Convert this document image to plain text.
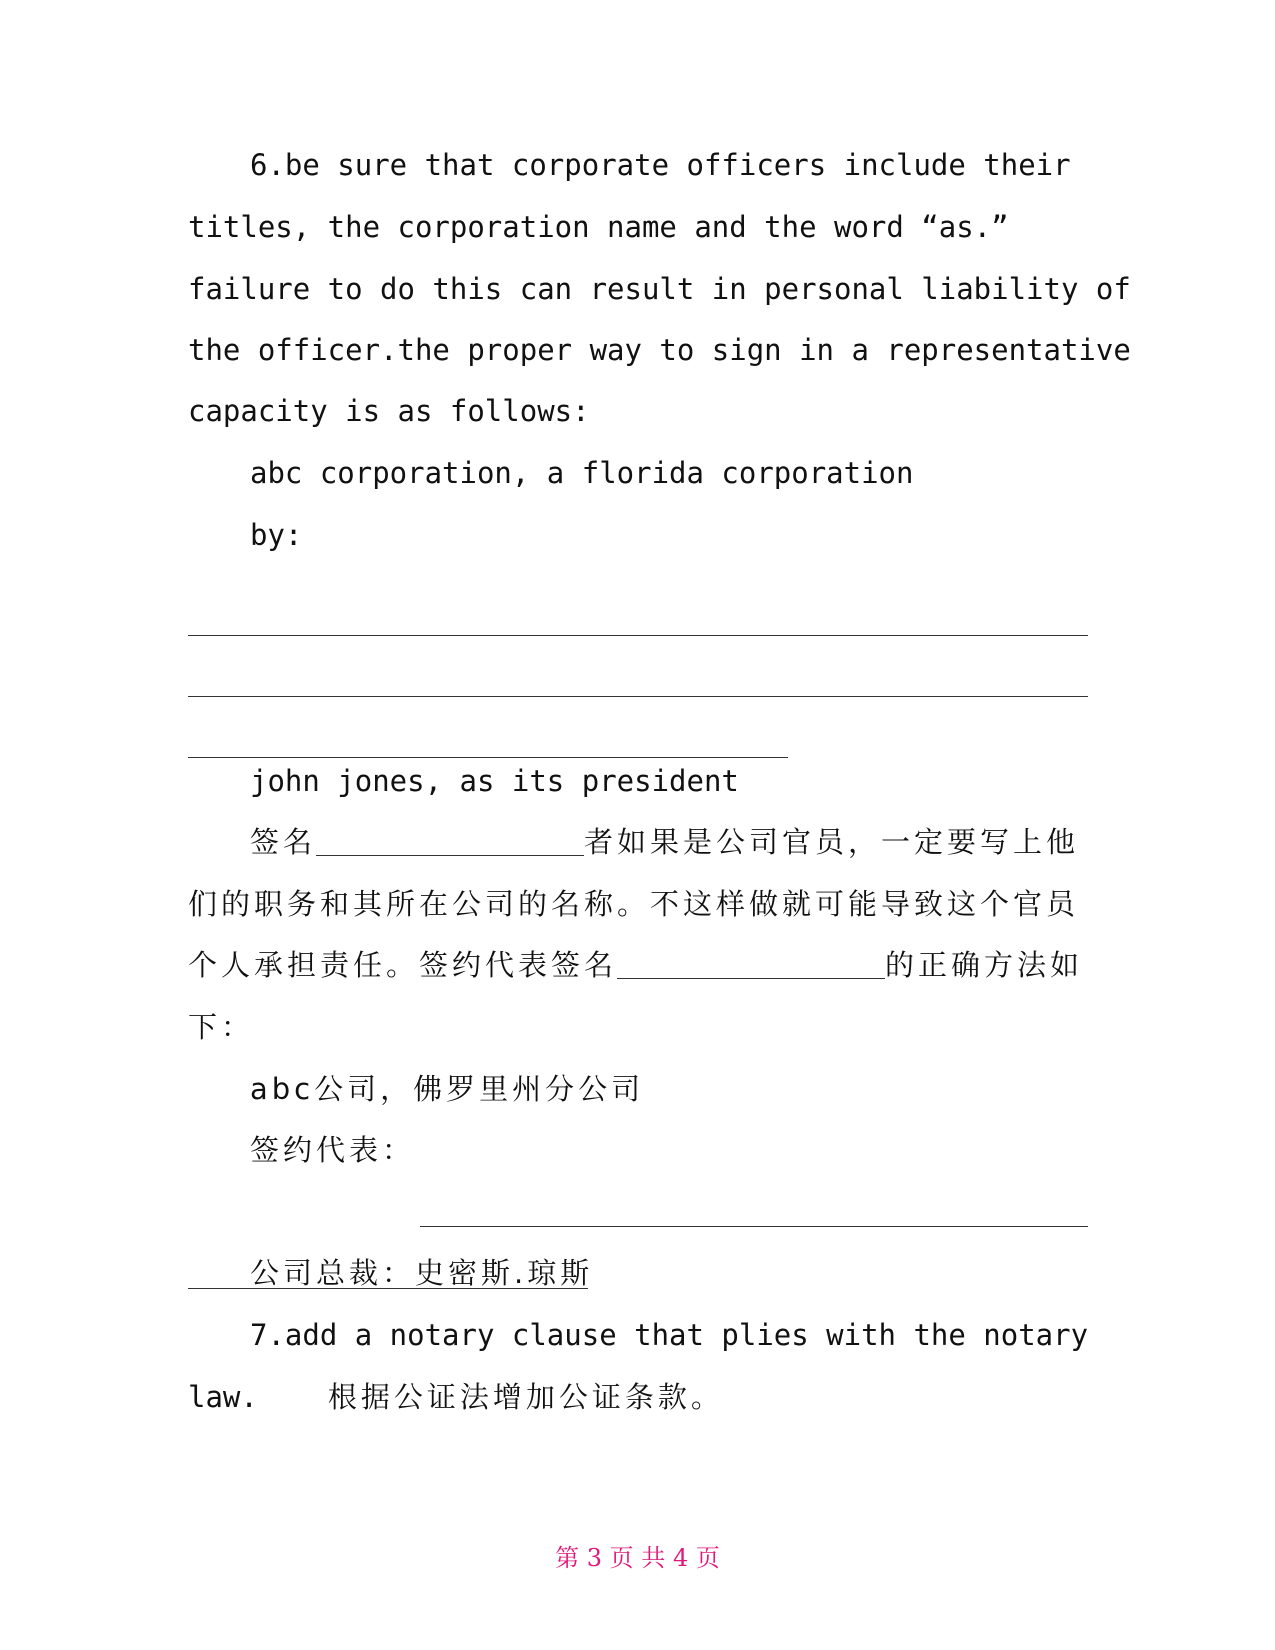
6.be sure that corporate officers include their
titles, the corporation name and the word “as.”
failure to do this can result in personal liability of
the officer.the proper way to sign in a representative
capacity is as follows:
abc corporation, a florida corporation
by:
john jones, as its president
签名	者如果是公司官员，一定要写上他
们的职务和其所在公司的名称。不这样做就可能导致这个官员
个人承担责任。签约代表签名	的正确方法如
下：
abc公司，佛罗里州分公司
签约代表：
公司总裁：史密斯.琼斯
7.add a notary clause that plies with the notary
law. 根据公证法增加公证条款。
第 3 页 共 4 页
